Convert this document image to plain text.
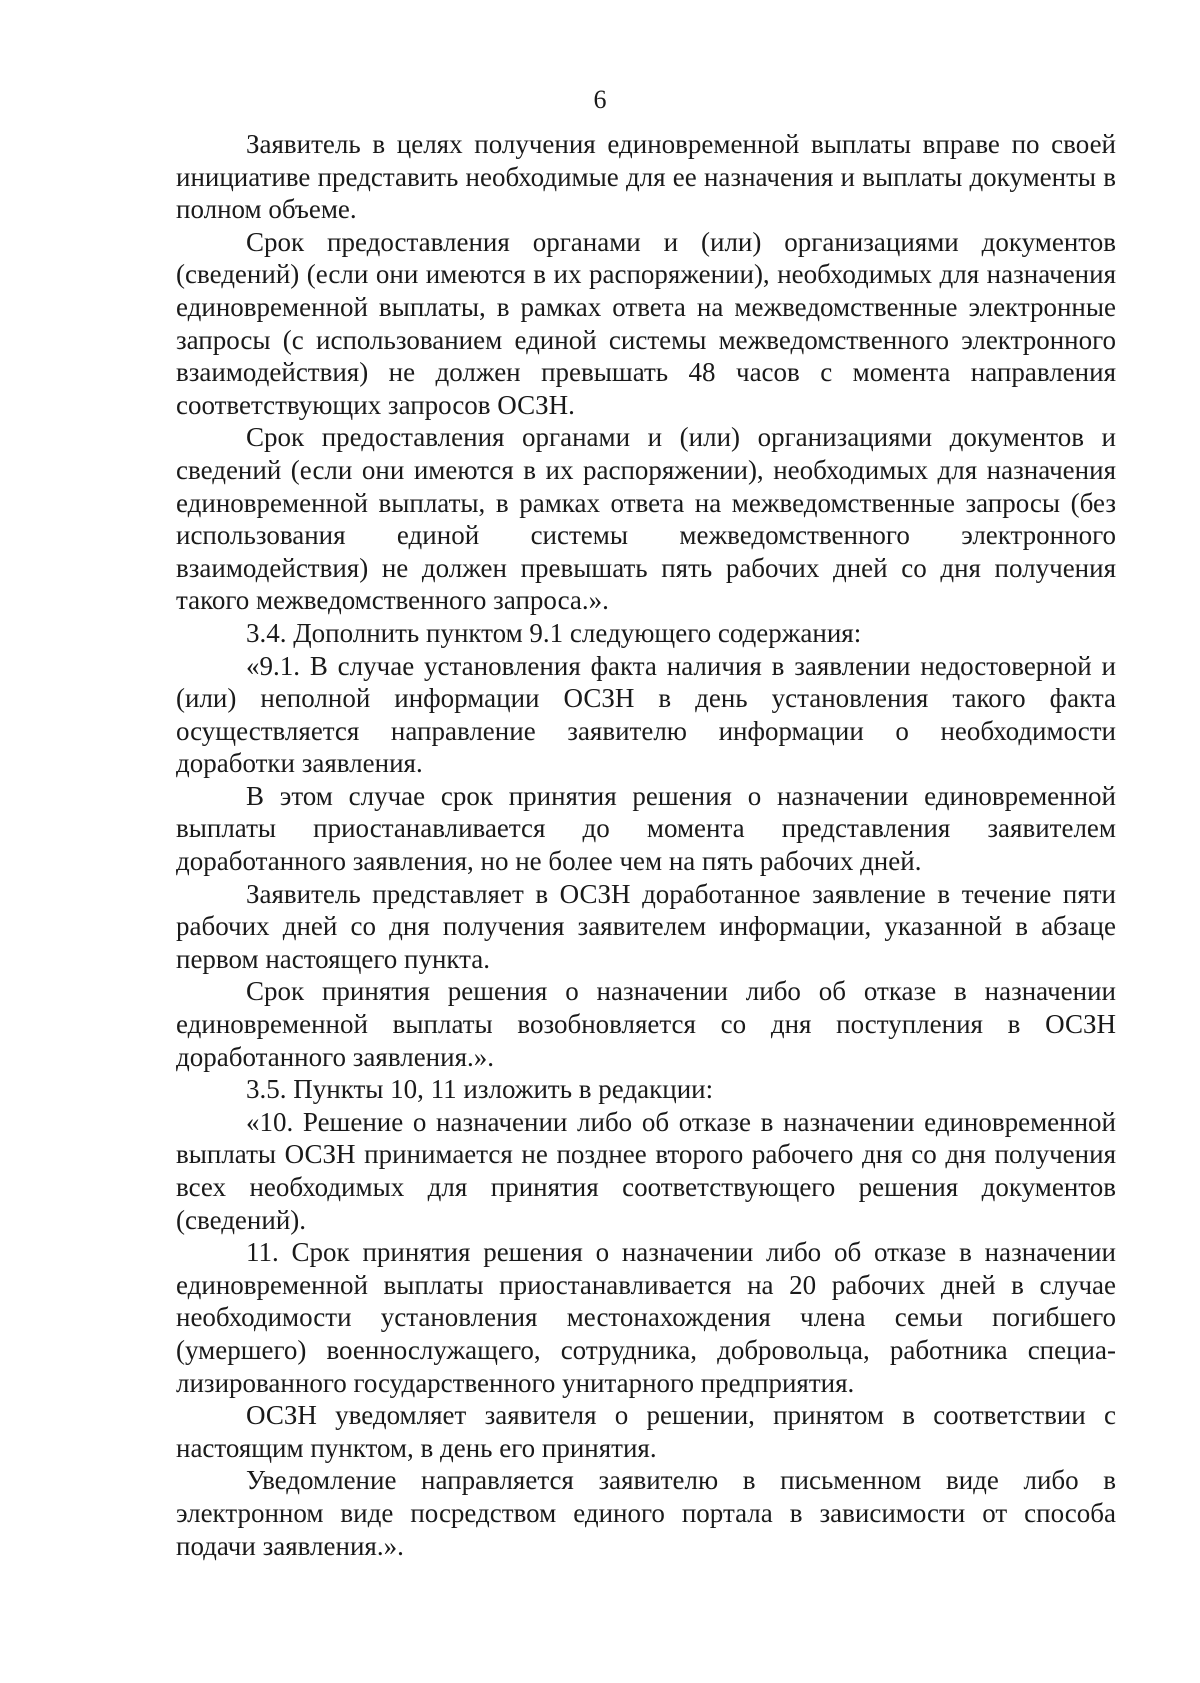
6

Заявитель в целях получения единовременной выплаты вправе по своей инициативе представить необходимые для ее назначения и выплаты документы в полном объеме.

Срок предоставления органами и (или) организациями документов (сведений) (если они имеются в их распоряжении), необходимых для назначения единовременной выплаты, в рамках ответа на межведомственные электронные запросы (с использованием единой системы межведомственного электронного взаимодействия) не должен превышать 48 часов с момента направления соответствующих запросов ОСЗН.

Срок предоставления органами и (или) организациями документов и сведений (если они имеются в их распоряжении), необходимых для назначения единовременной выплаты, в рамках ответа на межведомственные запросы (без использования единой системы межведомственного электронного взаимодействия) не должен превышать пять рабочих дней со дня получения такого межведомственного запроса.».

3.4. Дополнить пунктом 9.1 следующего содержания:

«9.1. В случае установления факта наличия в заявлении недостоверной и (или) неполной информации ОСЗН в день установления такого факта осуществляется направление заявителю информации о необходимости доработки заявления.

В этом случае срок принятия решения о назначении единовременной выплаты приостанавливается до момента представления заявителем доработанного заявления, но не более чем на пять рабочих дней.

Заявитель представляет в ОСЗН доработанное заявление в течение пяти рабочих дней со дня получения заявителем информации, указанной в абзаце первом настоящего пункта.

Срок принятия решения о назначении либо об отказе в назначении единовременной выплаты возобновляется со дня поступления в ОСЗН доработанного заявления.».

3.5. Пункты 10, 11 изложить в редакции:

«10. Решение о назначении либо об отказе в назначении единовременной выплаты ОСЗН принимается не позднее второго рабочего дня со дня получения всех необходимых для принятия соответствующего решения документов (сведений).

11. Срок принятия решения о назначении либо об отказе в назначении единовременной выплаты приостанавливается на 20 рабочих дней в случае необходимости установления местонахождения члена семьи погибшего (умершего) военнослужащего, сотрудника, добровольца, работника специализированного государственного унитарного предприятия.

ОСЗН уведомляет заявителя о решении, принятом в соответствии с настоящим пунктом, в день его принятия.

Уведомление направляется заявителю в письменном виде либо в электронном виде посредством единого портала в зависимости от способа подачи заявления.».
